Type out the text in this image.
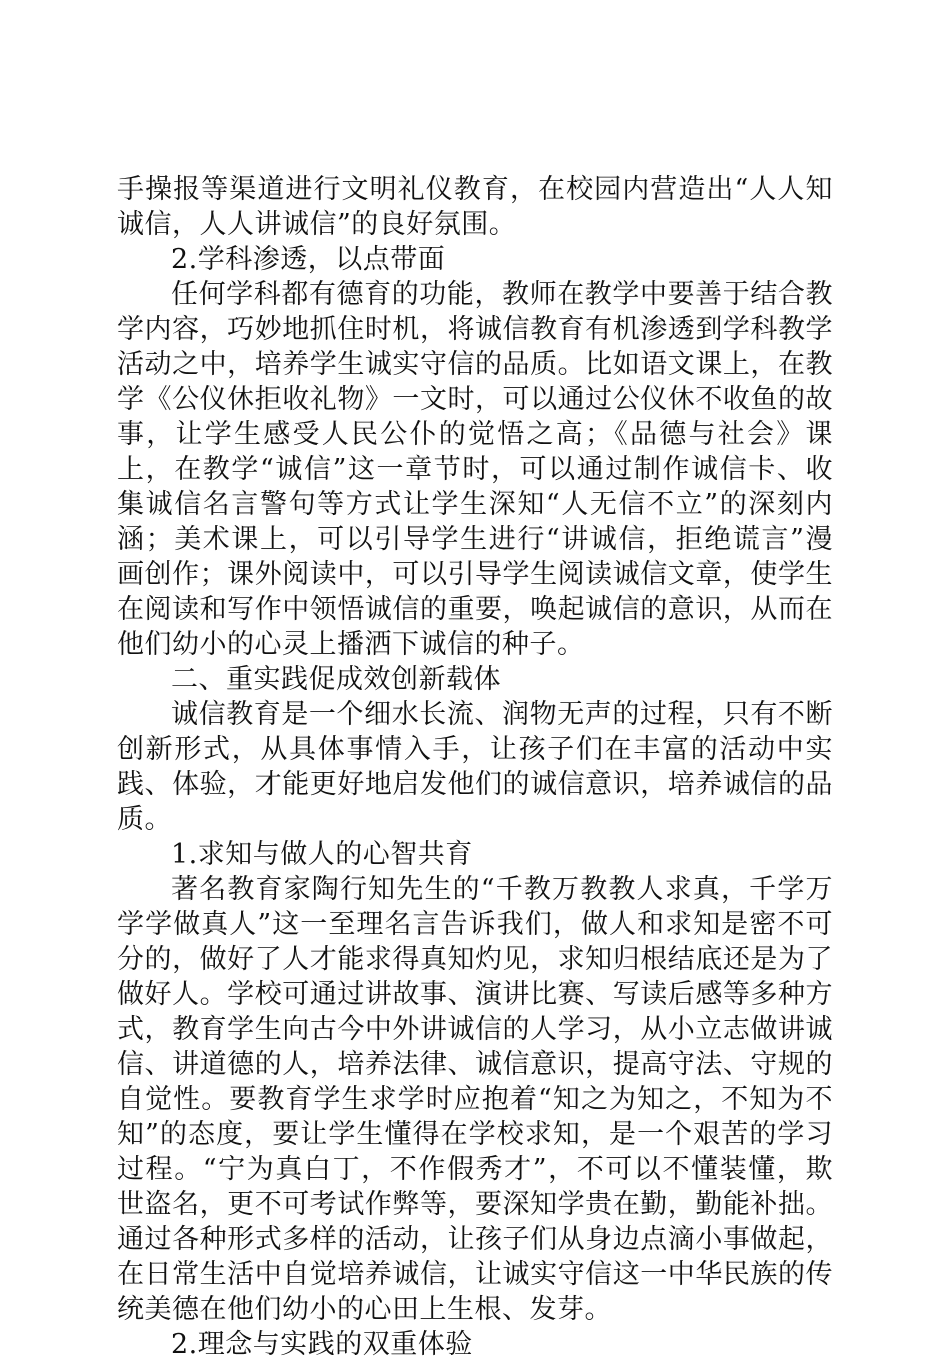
手操报等渠道进行文明礼仪教育，在校园内营造出“人人知诚信，人人讲诚信”的良好氛围。

2.学科渗透，以点带面

任何学科都有德育的功能，教师在教学中要善于结合教学内容，巧妙地抓住时机，将诚信教育有机渗透到学科教学活动之中，培养学生诚实守信的品质。比如语文课上，在教学《公仪休拒收礼物》一文时，可以通过公仪休不收鱼的故事，让学生感受人民公仆的觉悟之高；《品德与社会》课上，在教学“诚信”这一章节时，可以通过制作诚信卡、收集诚信名言警句等方式让学生深知“人无信不立”的深刻内涵；美术课上，可以引导学生进行“讲诚信，拒绝谎言”漫画创作；课外阅读中，可以引导学生阅读诚信文章，使学生在阅读和写作中领悟诚信的重要，唤起诚信的意识，从而在他们幼小的心灵上播洒下诚信的种子。

二、重实践促成效创新载体

诚信教育是一个细水长流、润物无声的过程，只有不断创新形式，从具体事情入手，让孩子们在丰富的活动中实践、体验，才能更好地启发他们的诚信意识，培养诚信的品质。

1.求知与做人的心智共育

著名教育家陶行知先生的“千教万教教人求真，千学万学学做真人”这一至理名言告诉我们，做人和求知是密不可分的，做好了人才能求得真知灼见，求知归根结底还是为了做好人。学校可通过讲故事、演讲比赛、写读后感等多种方式，教育学生向古今中外讲诚信的人学习，从小立志做讲诚信、讲道德的人，培养法律、诚信意识，提高守法、守规的自觉性。要教育学生求学时应抱着“知之为知之，不知为不知”的态度，要让学生懂得在学校求知，是一个艰苦的学习过程。“宁为真白丁，不作假秀才”，不可以不懂装懂，欺世盗名，更不可考试作弊等，要深知学贵在勤，勤能补拙。通过各种形式多样的活动，让孩子们从身边点滴小事做起，在日常生活中自觉培养诚信，让诚实守信这一中华民族的传统美德在他们幼小的心田上生根、发芽。

2.理念与实践的双重体验
